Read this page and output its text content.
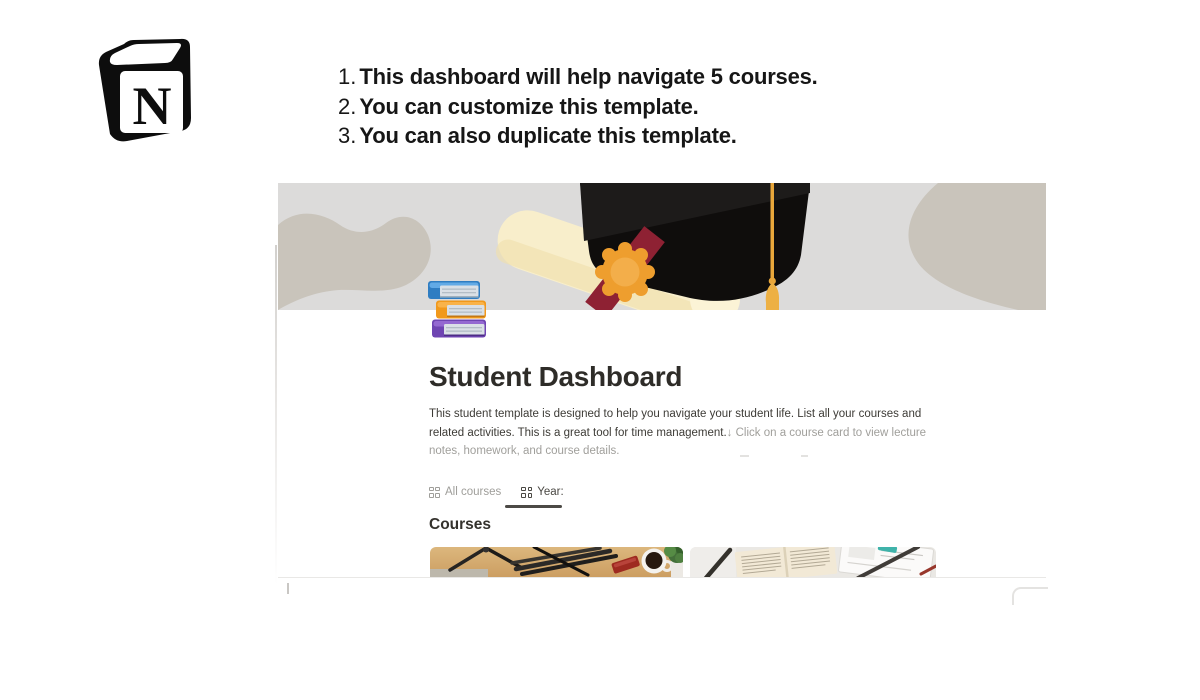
N	1. This dashboard will help navigate 5 courses.
2. You can customize this template.
3. You can also duplicate this template.
Student Dashboard
This student template is designed to help you navigate your student life. List all your courses and related activities. This is a great tool for time management.↓ Click on a course card to view lecture notes, homework, and course details.
All courses	Year:
Courses
